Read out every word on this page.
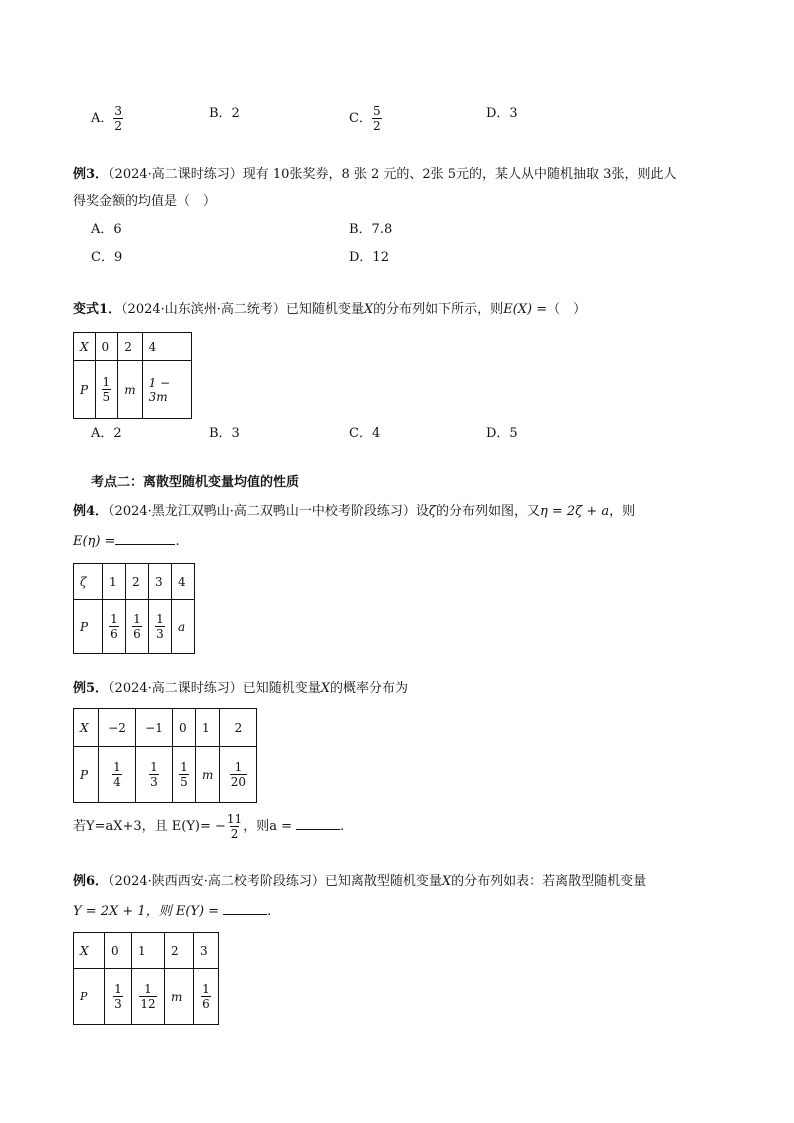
A． $\frac{3}{2}$	B．2	C． $\frac{5}{2}$	D．3
例3．（2024·高二课时练习）现有 10张奖券，8 张 2 元的、2张 5元的，某人从中随机抽取 3张，则此人
得奖金额的均值是（　）
A．6	B．7.8
C．9	D．12
变式1．（2024·山东滨州·高二统考）已知随机变量X的分布列如下所示，则E(X) =（　）
X	0	2	4
P	$\frac{1}{5}$	m	1 − 3m
A．2	B．3	C．4	D．5
考点二：离散型随机变量均值的性质
例4．（2024·黑龙江双鸭山·高二双鸭山一中校考阶段练习）设ζ的分布列如图，又η = 2ζ + a，则
E(η) =	.
ζ	1	2	3	4
P	$\frac{1}{6}$	$\frac{1}{6}$	$\frac{1}{3}$	a
例5．（2024·高二课时练习）已知随机变量X的概率分布为
X	−2	−1	0	1	2
P	$\frac{1}{4}$	$\frac{1}{3}$	$\frac{1}{5}$	m	$\frac{1}{20}$
若Y=aX+3，且 $E(Y)= - \frac{11}{2}$ ，则a =	.
例6．（2024·陕西西安·高二校考阶段练习）已知离散型随机变量X的分布列如表：若离散型随机变量
Y = 2X + 1，则 E(Y) =	.
X	0	1	2	3
P	$\frac{1}{3}$	$\frac{1}{12}$	m	$\frac{1}{6}$
